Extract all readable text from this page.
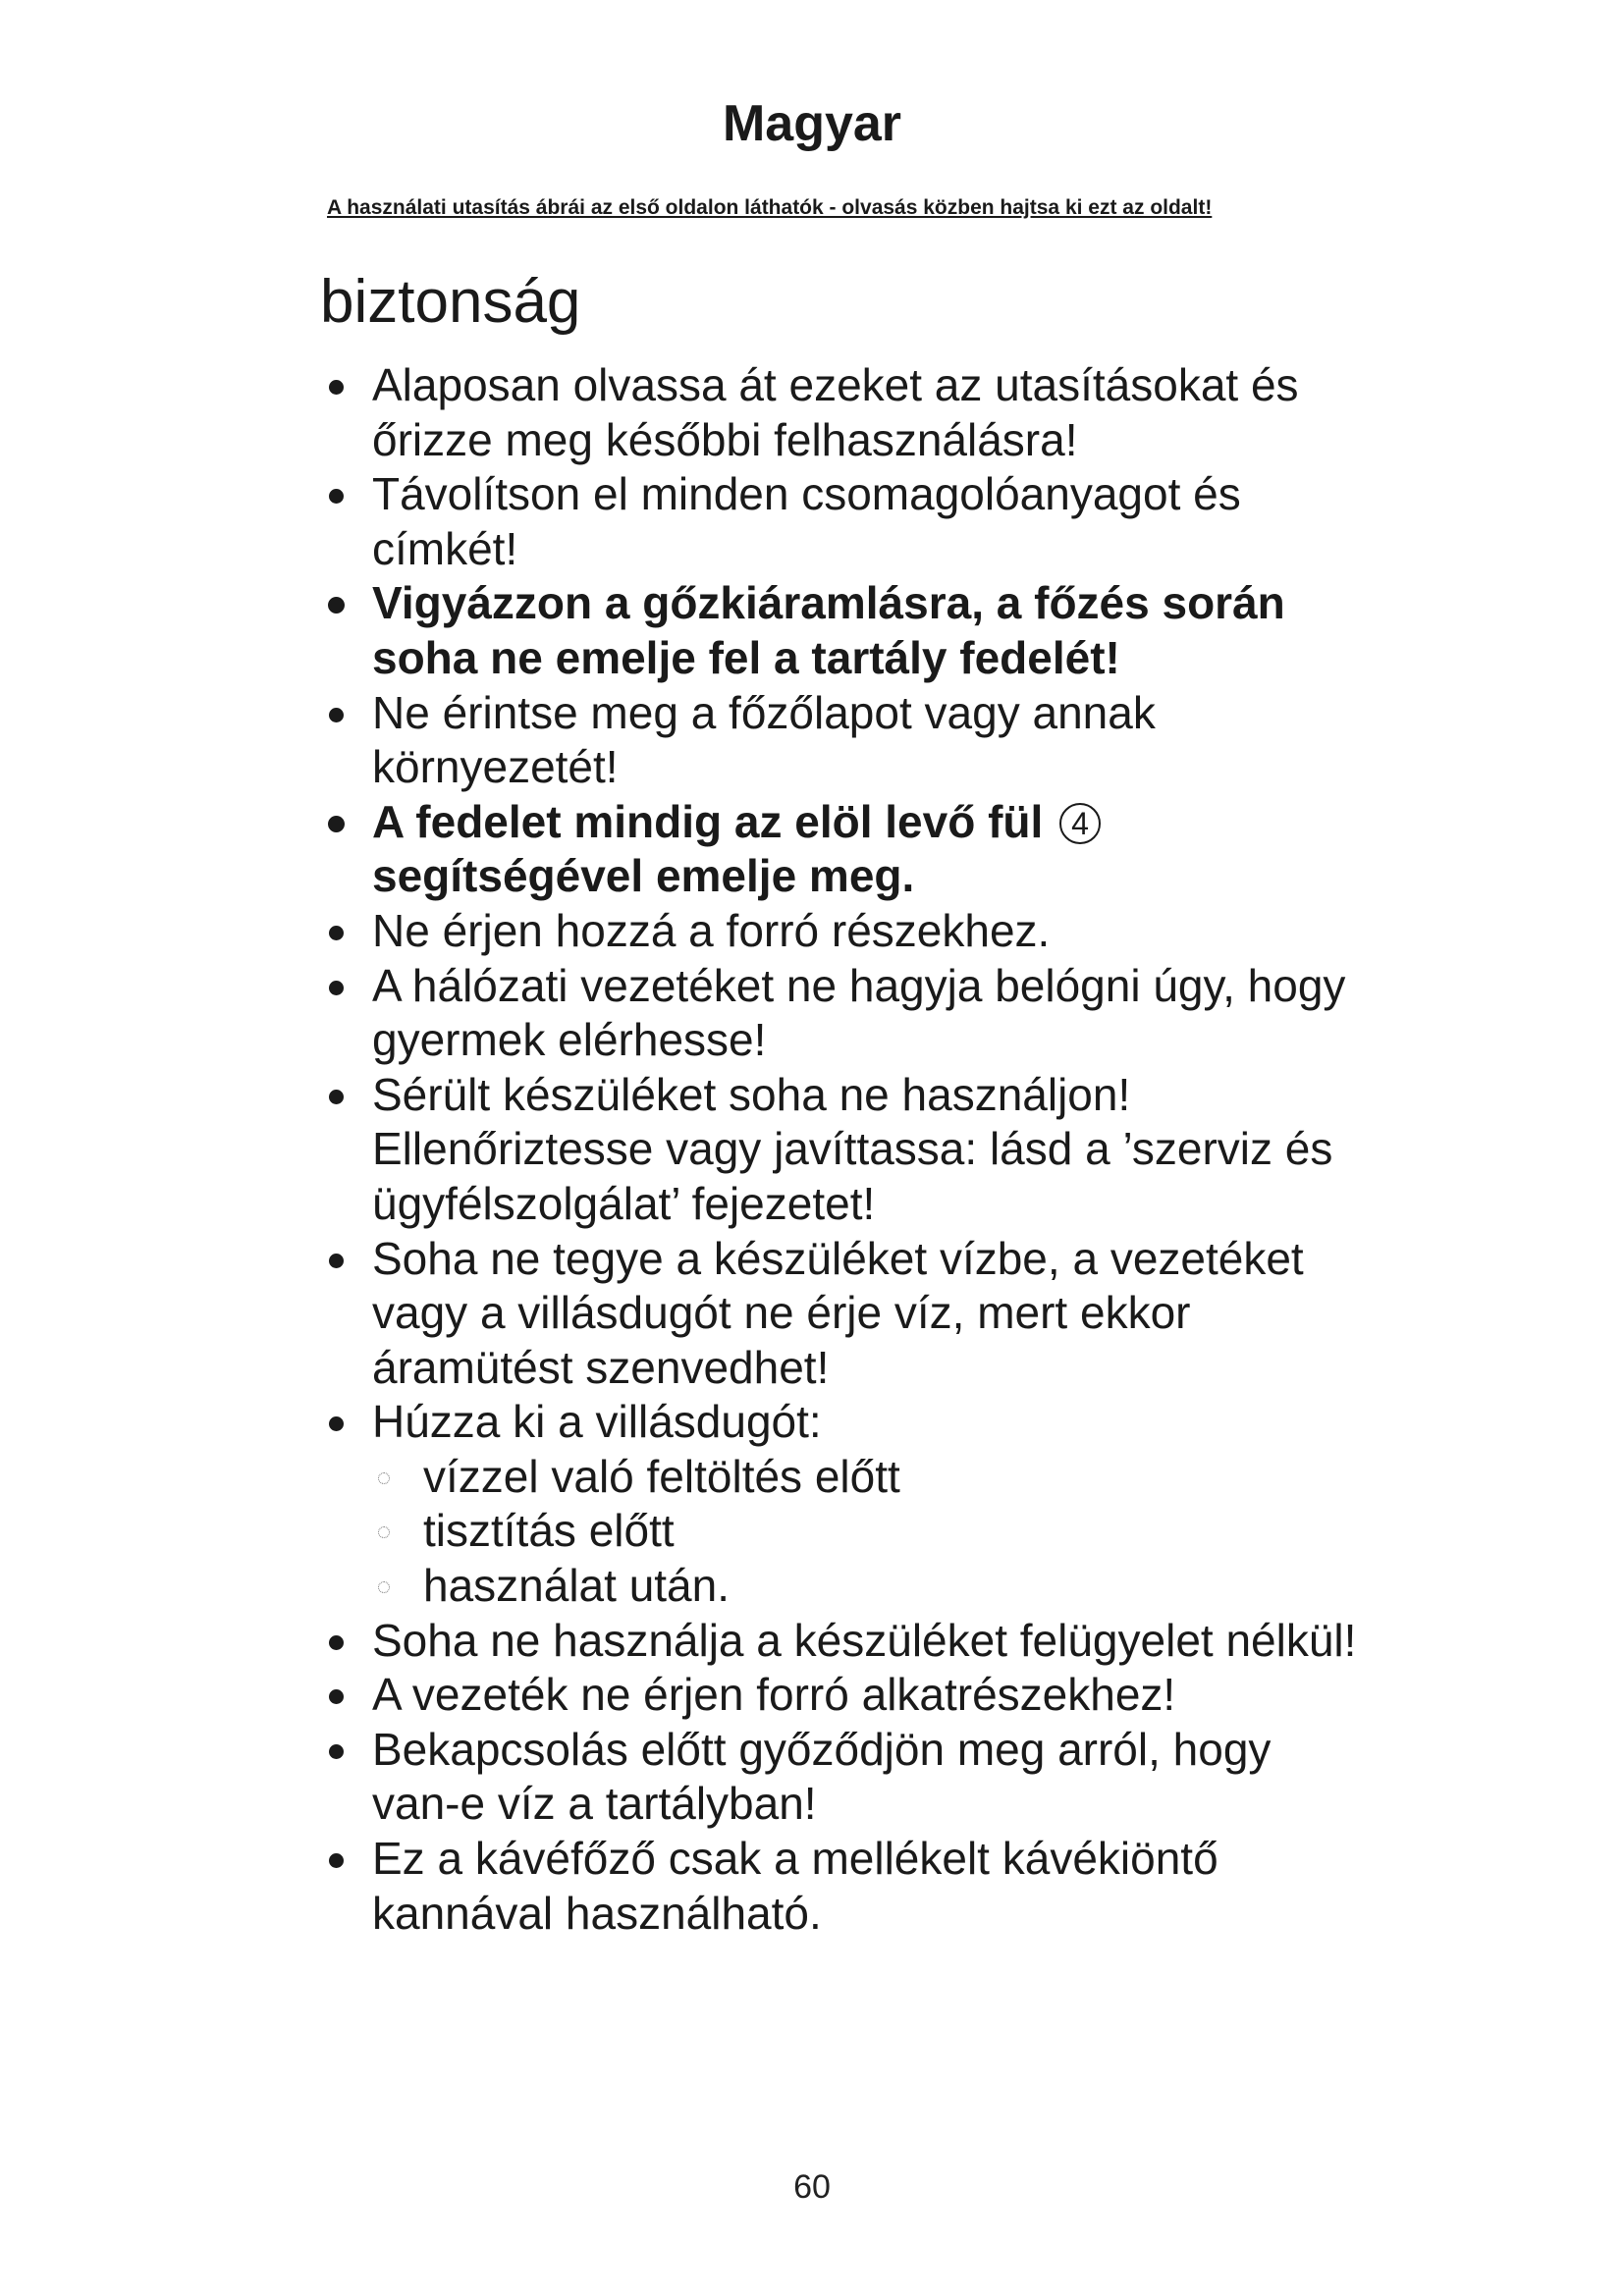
Magyar
A használati utasítás ábrái az első oldalon láthatók - olvasás közben hajtsa ki ezt az oldalt!
biztonság
Alaposan olvassa át ezeket az utasításokat és őrizze meg későbbi felhasználásra!
Távolítson el minden csomagolóanyagot és címkét!
Vigyázzon a gőzkiáramlásra, a főzés során soha ne emelje fel a tartály fedelét!
Ne érintse meg a főzőlapot vagy annak környezetét!
A fedelet mindig az elöl levő fül 4 segítségével emelje meg.
Ne érjen hozzá a forró részekhez.
A hálózati vezetéket ne hagyja belógni úgy, hogy gyermek elérhesse!
Sérült készüléket soha ne használjon! Ellenőriztesse vagy javíttassa: lásd a ’szerviz és ügyfélszolgálat’ fejezetet!
Soha ne tegye a készüléket vízbe, a vezetéket vagy a villásdugót ne érje víz, mert ekkor áramütést szenvedhet!
Húzza ki a villásdugót:
vízzel való feltöltés előtt
tisztítás előtt
használat után.
Soha ne használja a készüléket felügyelet nélkül!
A vezeték ne érjen forró alkatrészekhez!
Bekapcsolás előtt győződjön meg arról, hogy van-e víz a tartályban!
Ez a kávéfőző csak a mellékelt kávékiöntő kannával használható.
60
